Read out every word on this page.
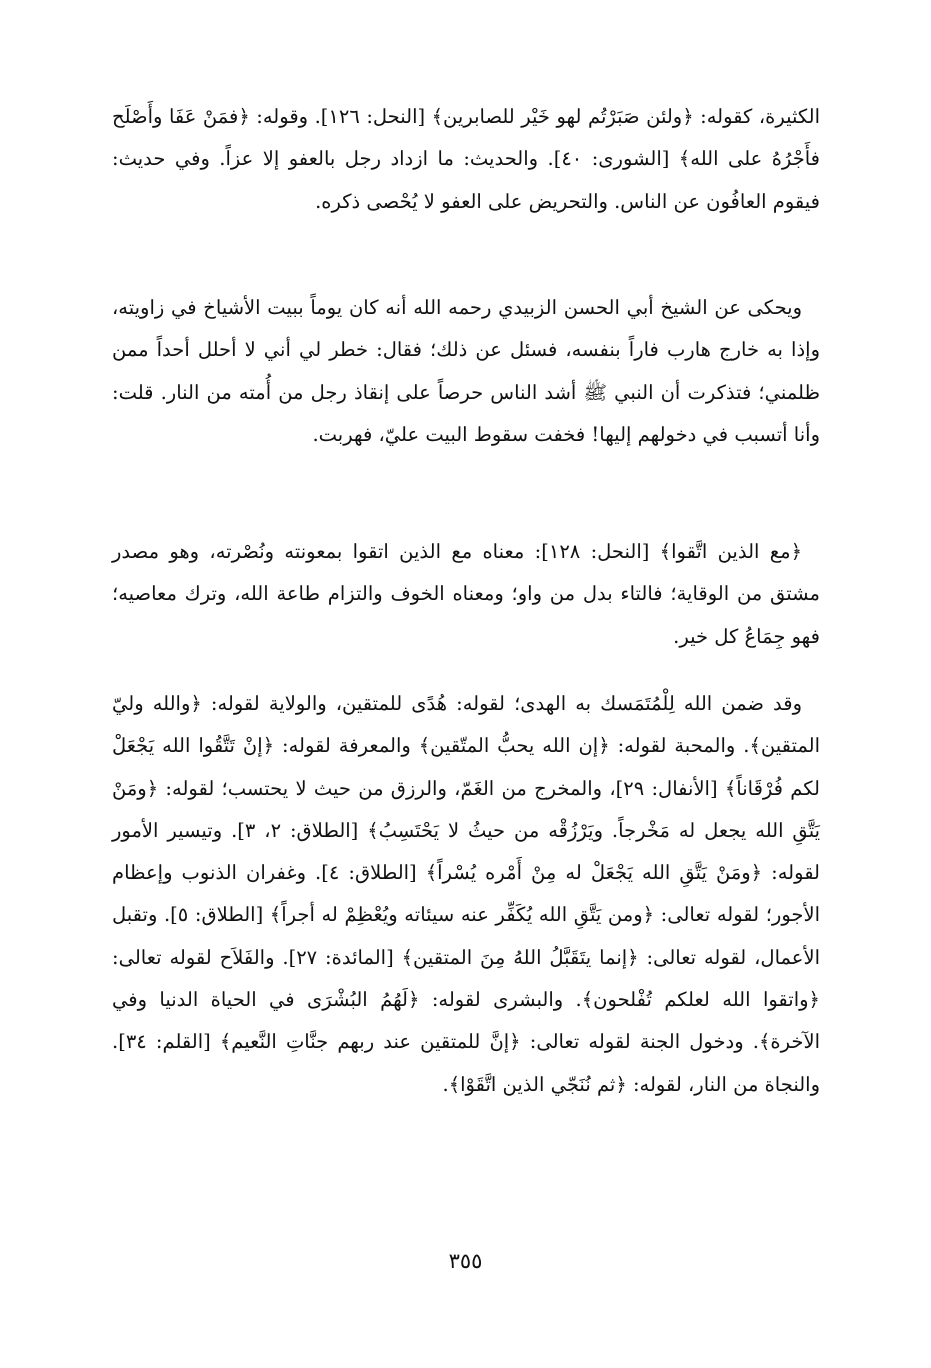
الكثيرة، كقوله: ﴿ولئن صَبَرْتُم لهو خَيْر للصابرين﴾ [النحل: ١٢٦]. وقوله: ﴿فمَنْ عَفَا وأَصْلَح فأَجْرُهُ على الله﴾ [الشورى: ٤٠]. والحديث: ما ازداد رجل بالعفو إلا عزاً. وفي حديث: فيقوم العافُون عن الناس. والتحريض على العفو لا يُحْصى ذكره.

ويحكى عن الشيخ أبي الحسن الزبيدي رحمه الله أنه كان يوماً ببيت الأشياخ في زاويته، وإذا به خارج هارب فاراً بنفسه، فسئل عن ذلك؛ فقال: خطر لي أني لا أحلل أحداً ممن ظلمني؛ فتذكرت أن النبي ﷺ أشد الناس حرصاً على إنقاذ رجل من أُمته من النار. قلت: وأنا أتسبب في دخولهم إليها! فخفت سقوط البيت عليّ، فهربت.

﴿مع الذين اتَّقوا﴾ [النحل: ١٢٨]: معناه مع الذين اتقوا بمعونته ونُصْرته، وهو مصدر مشتق من الوقاية؛ فالتاء بدل من واو؛ ومعناه الخوف والتزام طاعة الله، وترك معاصيه؛ فهو جِمَاعُ كل خير.

وقد ضمن الله لِلْمُتَمَسك به الهدى؛ لقوله: هُدًى للمتقين، والولاية لقوله: ﴿والله وليّ المتقين﴾. والمحبة لقوله: ﴿إن الله يحبُّ المتّقين﴾ والمعرفة لقوله: ﴿إنْ تَتَّقُوا الله يَجْعَلْ لكم فُرْقَاناً﴾ [الأنفال: ٢٩]، والمخرج من الغَمّ، والرزق من حيث لا يحتسب؛ لقوله: ﴿ومَنْ يَتَّقِ الله يجعل له مَخْرجاً. ويَرْزُقْه من حيثُ لا يَحْتَسِبُ﴾ [الطلاق: ٢، ٣]. وتيسير الأمور لقوله: ﴿ومَنْ يَتَّقِ الله يَجْعَلْ له مِنْ أَمْره يُسْراً﴾ [الطلاق: ٤]. وغفران الذنوب وإعظام الأجور؛ لقوله تعالى: ﴿ومن يَتَّقِ الله يُكَفِّر عنه سيئاته ويُعْظِمْ له أجراً﴾ [الطلاق: ٥]. وتقبل الأعمال، لقوله تعالى: ﴿إنما يتَقَبَّلُ اللهُ مِنَ المتقين﴾ [المائدة: ٢٧]. والفَلاَح لقوله تعالى: ﴿واتقوا الله لعلكم تُفْلحون﴾. والبشرى لقوله: ﴿لَهُمُ البُشْرَى في الحياة الدنيا وفي الآخرة﴾. ودخول الجنة لقوله تعالى: ﴿إنَّ للمتقين عند ربهم جنَّاتِ النَّعيم﴾ [القلم: ٣٤]. والنجاة من النار، لقوله: ﴿ثم نُنَجّي الذين اتَّقَوْا﴾.

٣٥٥
